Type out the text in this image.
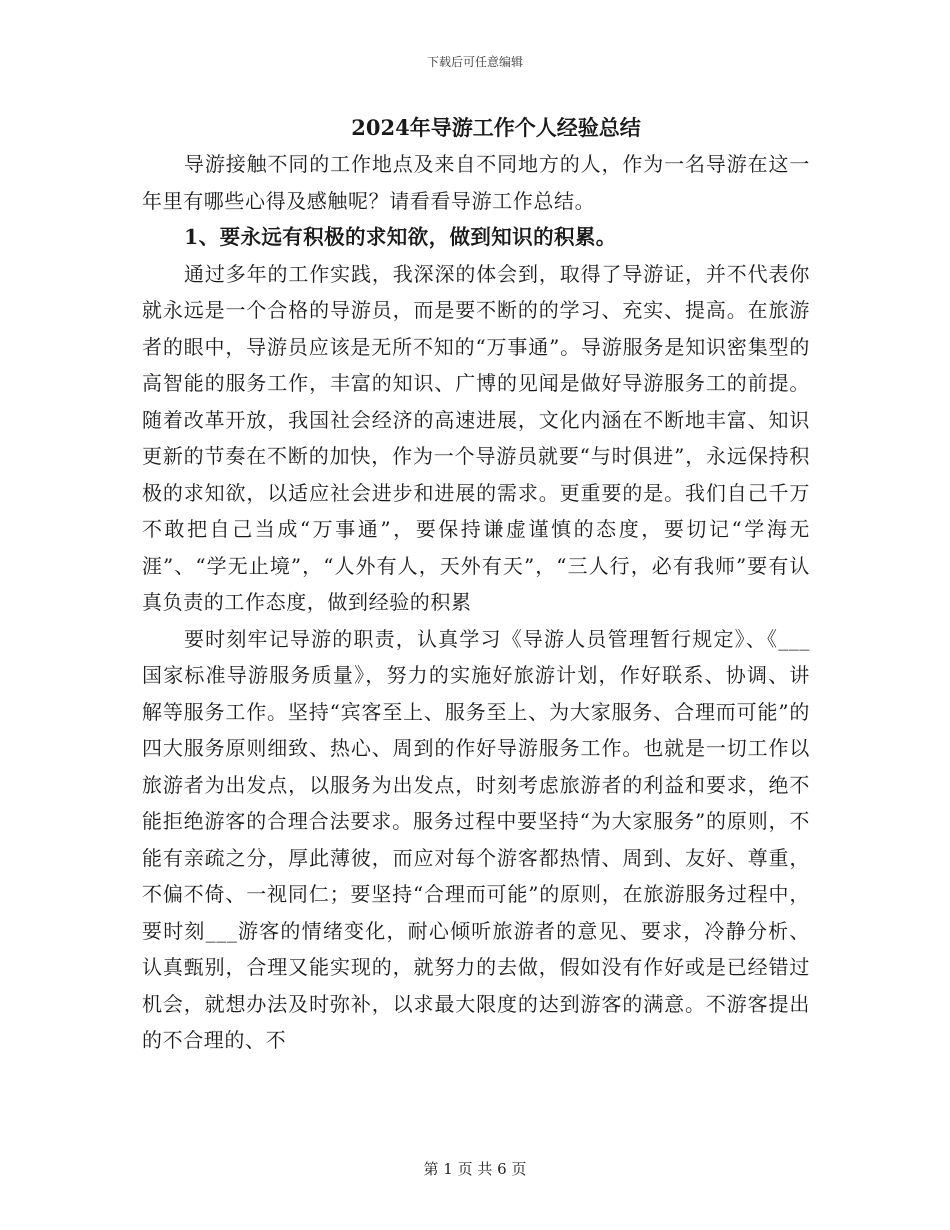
下载后可任意编辑
2024年导游工作个人经验总结

导游接触不同的工作地点及来自不同地方的人，作为一名导游在这一年里有哪些心得及感触呢？请看看导游工作总结。

1、要永远有积极的求知欲，做到知识的积累。

通过多年的工作实践，我深深的体会到，取得了导游证，并不代表你就永远是一个合格的导游员，而是要不断的的学习、充实、提高。在旅游者的眼中，导游员应该是无所不知的“万事通”。导游服务是知识密集型的高智能的服务工作，丰富的知识、广博的见闻是做好导游服务工的前提。随着改革开放，我国社会经济的高速进展，文化内涵在不断地丰富、知识更新的节奏在不断的加快，作为一个导游员就要“与时俱进”，永远保持积极的求知欲，以适应社会进步和进展的需求。更重要的是。我们自己千万不敢把自己当成“万事通”，要保持谦虚谨慎的态度，要切记“学海无涯”、“学无止境”，“人外有人，天外有天”，“三人行，必有我师”要有认真负责的工作态度，做到经验的积累

要时刻牢记导游的职责，认真学习《导游人员管理暂行规定》、《___国家标准导游服务质量》，努力的实施好旅游计划，作好联系、协调、讲解等服务工作。坚持“宾客至上、服务至上、为大家服务、合理而可能”的四大服务原则细致、热心、周到的作好导游服务工作。也就是一切工作以旅游者为出发点，以服务为出发点，时刻考虑旅游者的利益和要求，绝不能拒绝游客的合理合法要求。服务过程中要坚持“为大家服务”的原则，不能有亲疏之分，厚此薄彼，而应对每个游客都热情、周到、友好、尊重，不偏不倚、一视同仁；要坚持“合理而可能”的原则，在旅游服务过程中，要时刻___游客的情绪变化，耐心倾听旅游者的意见、要求，冷静分析、认真甄别，合理又能实现的，就努力的去做，假如没有作好或是已经错过机会，就想办法及时弥补，以求最大限度的达到游客的满意。不游客提出的不合理的、不

第 1 页 共 6 页
